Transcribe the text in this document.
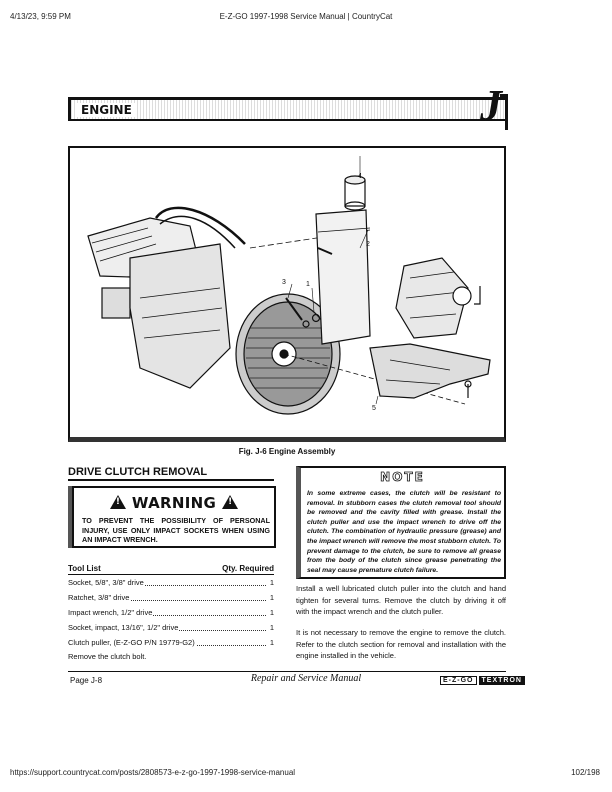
4/13/23, 9:59 PM	E-Z-GO 1997-1998 Service Manual | CountryCat
ENGINE	J
4
2
3	1
5
Fig. J-6 Engine Assembly
DRIVE CLUTCH REMOVAL
!WARNING!
TO PREVENT THE POSSIBILITY OF PERSONAL INJURY, USE ONLY IMPACT SOCKETS WHEN USING AN IMPACT WRENCH.
Tool List	Qty. Required
Socket, 5/8", 3/8" drive	1
Ratchet, 3/8" drive	1
Impact wrench, 1/2" drive	1
Socket, impact, 13/16", 1/2" drive	1
Clutch puller, (E-Z-GO P/N 19779-G2)	1
Remove the clutch bolt.
NOTE
In some extreme cases, the clutch will be resistant to removal. In stubborn cases the clutch removal tool should be removed and the cavity filled with grease. Install the clutch puller and use the impact wrench to drive off the clutch. The combination of hydraulic pressure (grease) and the impact wrench will remove the most stubborn clutch. To prevent damage to the clutch, be sure to remove all grease from the body of the clutch since grease penetrating the seal may cause premature clutch failure.
Install a well lubricated clutch puller into the clutch and hand tighten for several turns. Remove the clutch by driving it off with the impact wrench and the clutch puller.
It is not necessary to remove the engine to remove the clutch. Refer to the clutch section for removal and installation with the engine installed in the vehicle.
Page J-8	Repair and Service Manual	E-Z-GO TEXTRON
https://support.countrycat.com/posts/2808573-e-z-go-1997-1998-service-manual	102/198
